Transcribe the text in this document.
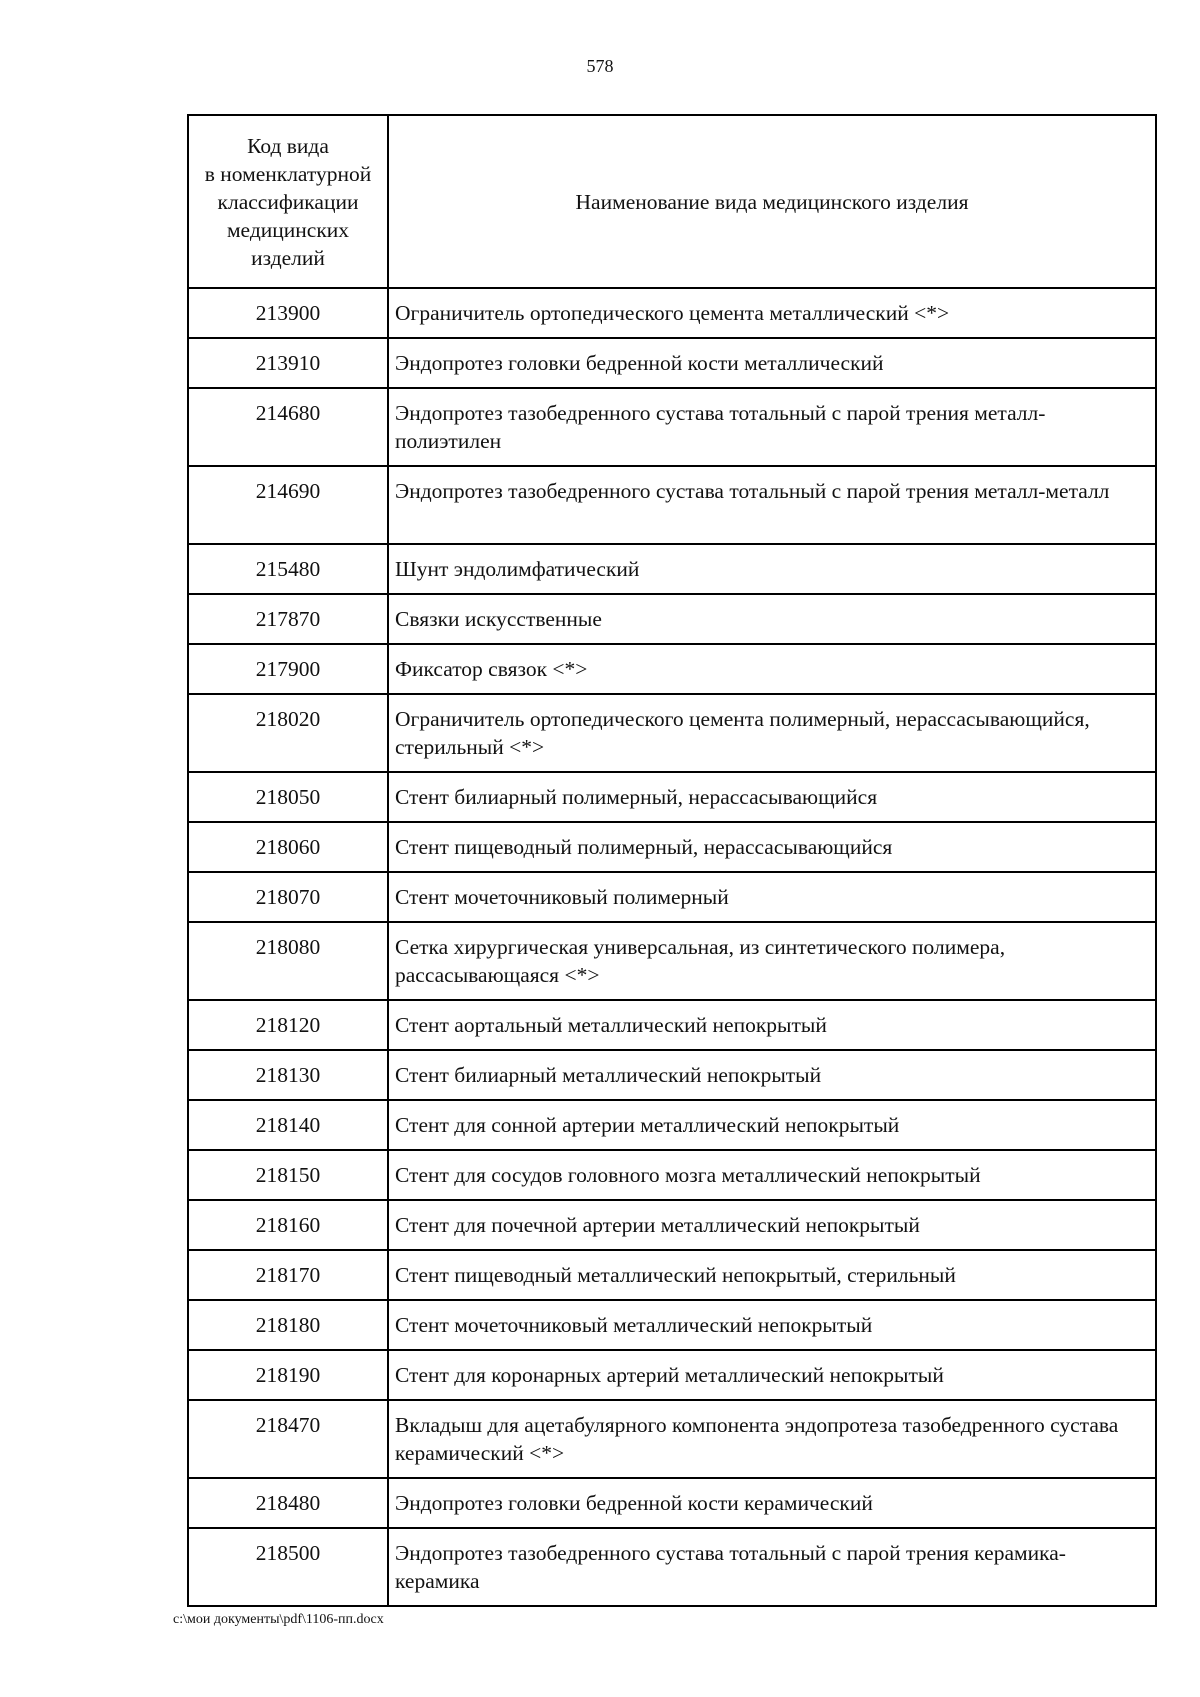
578
Код вида
в номенклатурной
классификации
медицинских
изделий	Наименование вида медицинского изделия
213900	Ограничитель ортопедического цемента металлический <*>
213910	Эндопротез головки бедренной кости металлический
214680	Эндопротез тазобедренного сустава тотальный с парой трения металл-полиэтилен
214690	Эндопротез тазобедренного сустава тотальный с парой трения металл-металл
215480	Шунт эндолимфатический
217870	Связки искусственные
217900	Фиксатор связок <*>
218020	Ограничитель ортопедического цемента полимерный, нерассасывающийся, стерильный <*>
218050	Стент билиарный полимерный, нерассасывающийся
218060	Стент пищеводный полимерный, нерассасывающийся
218070	Стент мочеточниковый полимерный
218080	Сетка хирургическая универсальная, из синтетического полимера, рассасывающаяся <*>
218120	Стент аортальный металлический непокрытый
218130	Стент билиарный металлический непокрытый
218140	Стент для сонной артерии металлический непокрытый
218150	Стент для сосудов головного мозга металлический непокрытый
218160	Стент для почечной артерии металлический непокрытый
218170	Стент пищеводный металлический непокрытый, стерильный
218180	Стент мочеточниковый металлический непокрытый
218190	Стент для коронарных артерий металлический непокрытый
218470	Вкладыш для ацетабулярного компонента эндопротеза тазобедренного сустава керамический <*>
218480	Эндопротез головки бедренной кости керамический
218500	Эндопротез тазобедренного сустава тотальный с парой трения керамика-керамика
c:\мои документы\pdf\1106-пп.docx
